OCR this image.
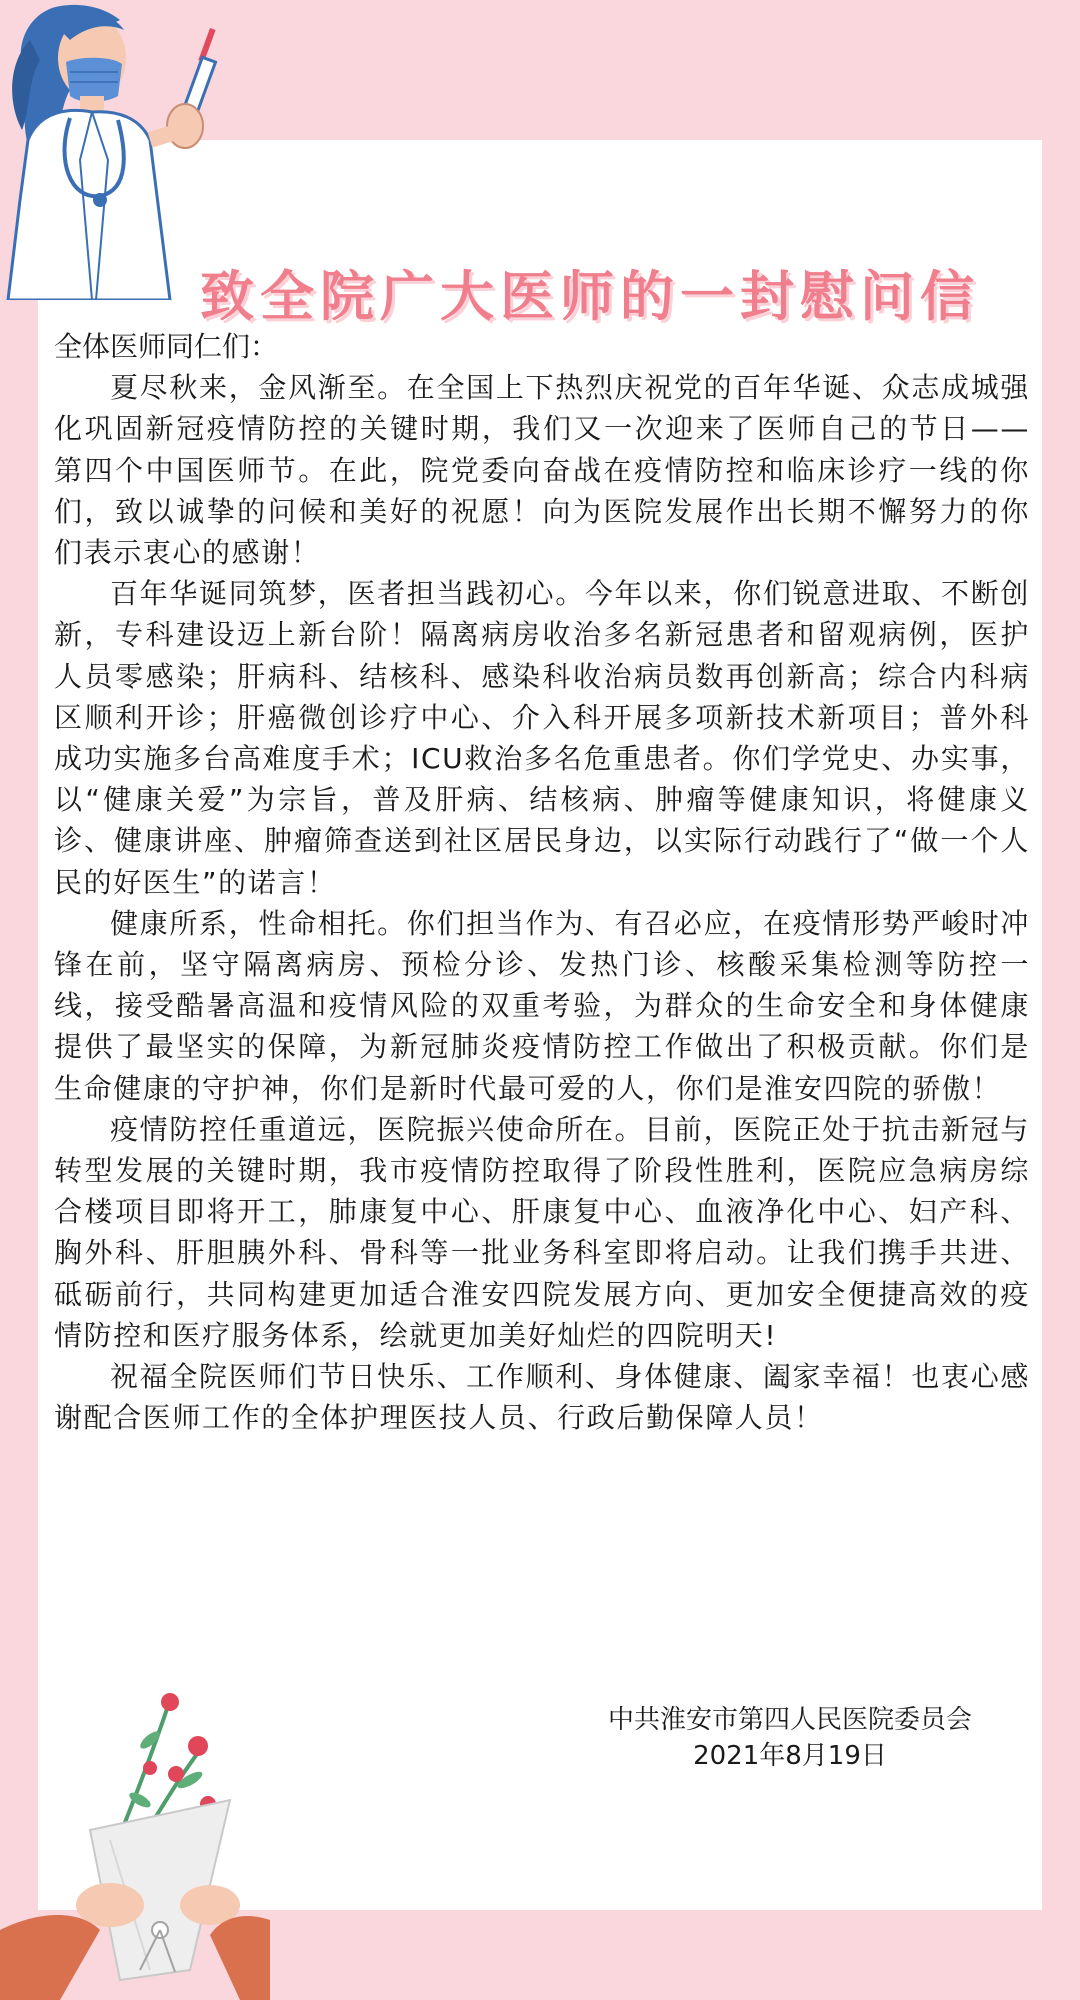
致全院广大医师的一封慰问信

全体医师同仁们：

夏尽秋来，金风渐至。在全国上下热烈庆祝党的百年华诞、众志成城强化巩固新冠疫情防控的关键时期，我们又一次迎来了医师自己的节日——第四个中国医师节。在此，院党委向奋战在疫情防控和临床诊疗一线的你们，致以诚挚的问候和美好的祝愿！向为医院发展作出长期不懈努力的你们表示衷心的感谢！

百年华诞同筑梦，医者担当践初心。今年以来，你们锐意进取、不断创新，专科建设迈上新台阶！隔离病房收治多名新冠患者和留观病例，医护人员零感染；肝病科、结核科、感染科收治病员数再创新高；综合内科病区顺利开诊；肝癌微创诊疗中心、介入科开展多项新技术新项目；普外科成功实施多台高难度手术；ICU救治多名危重患者。你们学党史、办实事，以“健康关爱”为宗旨，普及肝病、结核病、肿瘤等健康知识，将健康义诊、健康讲座、肿瘤筛查送到社区居民身边，以实际行动践行了“做一个人民的好医生”的诺言！

健康所系，性命相托。你们担当作为、有召必应，在疫情形势严峻时冲锋在前，坚守隔离病房、预检分诊、发热门诊、核酸采集检测等防控一线，接受酷暑高温和疫情风险的双重考验，为群众的生命安全和身体健康提供了最坚实的保障，为新冠肺炎疫情防控工作做出了积极贡献。你们是生命健康的守护神，你们是新时代最可爱的人，你们是淮安四院的骄傲！

疫情防控任重道远，医院振兴使命所在。目前，医院正处于抗击新冠与转型发展的关键时期，我市疫情防控取得了阶段性胜利，医院应急病房综合楼项目即将开工，肺康复中心、肝康复中心、血液净化中心、妇产科、胸外科、肝胆胰外科、骨科等一批业务科室即将启动。让我们携手共进、砥砺前行，共同构建更加适合淮安四院发展方向、更加安全便捷高效的疫情防控和医疗服务体系，绘就更加美好灿烂的四院明天!

祝福全院医师们节日快乐、工作顺利、身体健康、阖家幸福！也衷心感谢配合医师工作的全体护理医技人员、行政后勤保障人员！

中共淮安市第四人民医院委员会
2021年8月19日
